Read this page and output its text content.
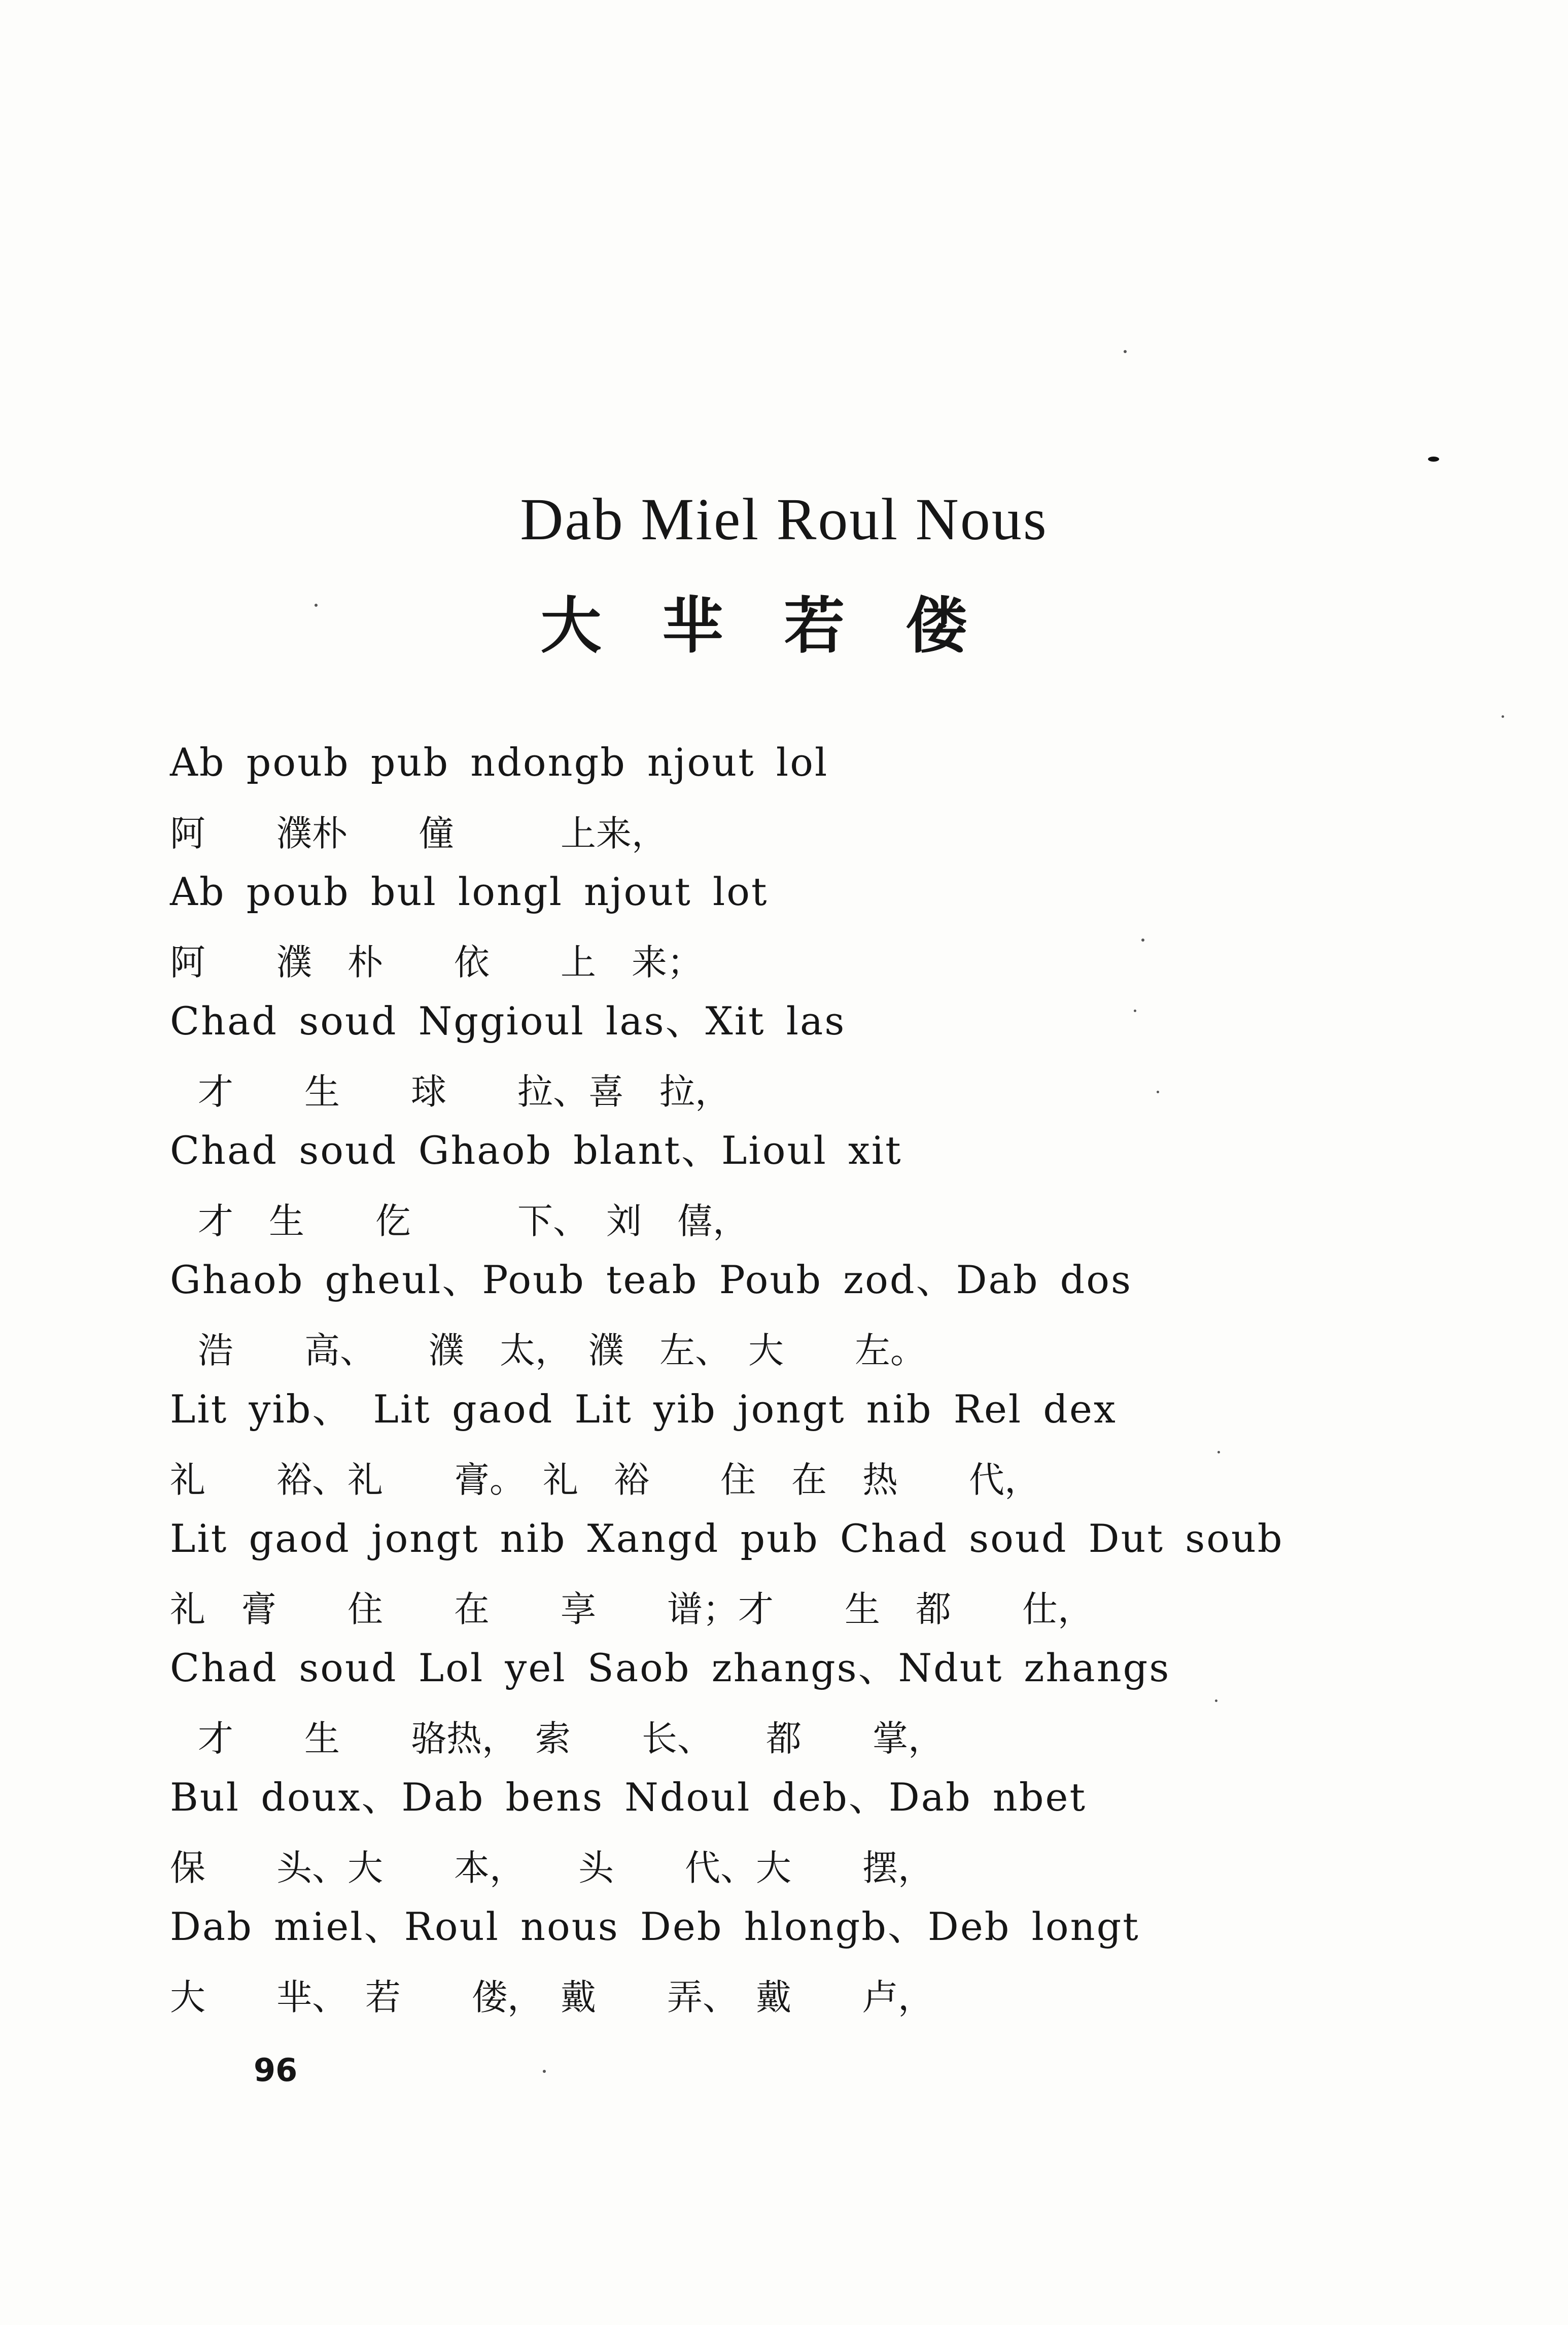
Dab Miel Roul Nous
大芈若偻
Ab poub pub ndongb njout lol
阿　　濮朴　　僮　　　上来，
Ab poub bul longl njout lot
阿　　濮　朴　　依　　上　来；
Chad soud Nggioul las、Xit las
才　　生　　球　　拉、喜　拉，
Chad soud Ghaob blant、Lioul xit
才　生　　仡　　　下、　刘　僖，
Ghaob gheul、Poub teab Poub zod、Dab dos
浩　　高、　　濮　太，　濮　左、　大　　左。
Lit yib、 Lit gaod Lit yib jongt nib Rel dex
礼　　裕、礼　　膏。　礼　裕　　住　在　热　　代，
Lit gaod jongt nib Xangd pub Chad soud Dut soub
礼　膏　　住　　在　　享　　谱；才　　生　都　　仕，
Chad soud Lol yel Saob zhangs、Ndut zhangs
才　　生　　骆热，　索　　长、　　都　　掌，
Bul doux、Dab bens Ndoul deb、Dab nbet
保　　头、大　　本，　　头　　代、大　　摆，
Dab miel、Roul nous Deb hlongb、Deb longt
大　　芈、　若　　偻，　戴　　弄、　戴　　卢，
96
